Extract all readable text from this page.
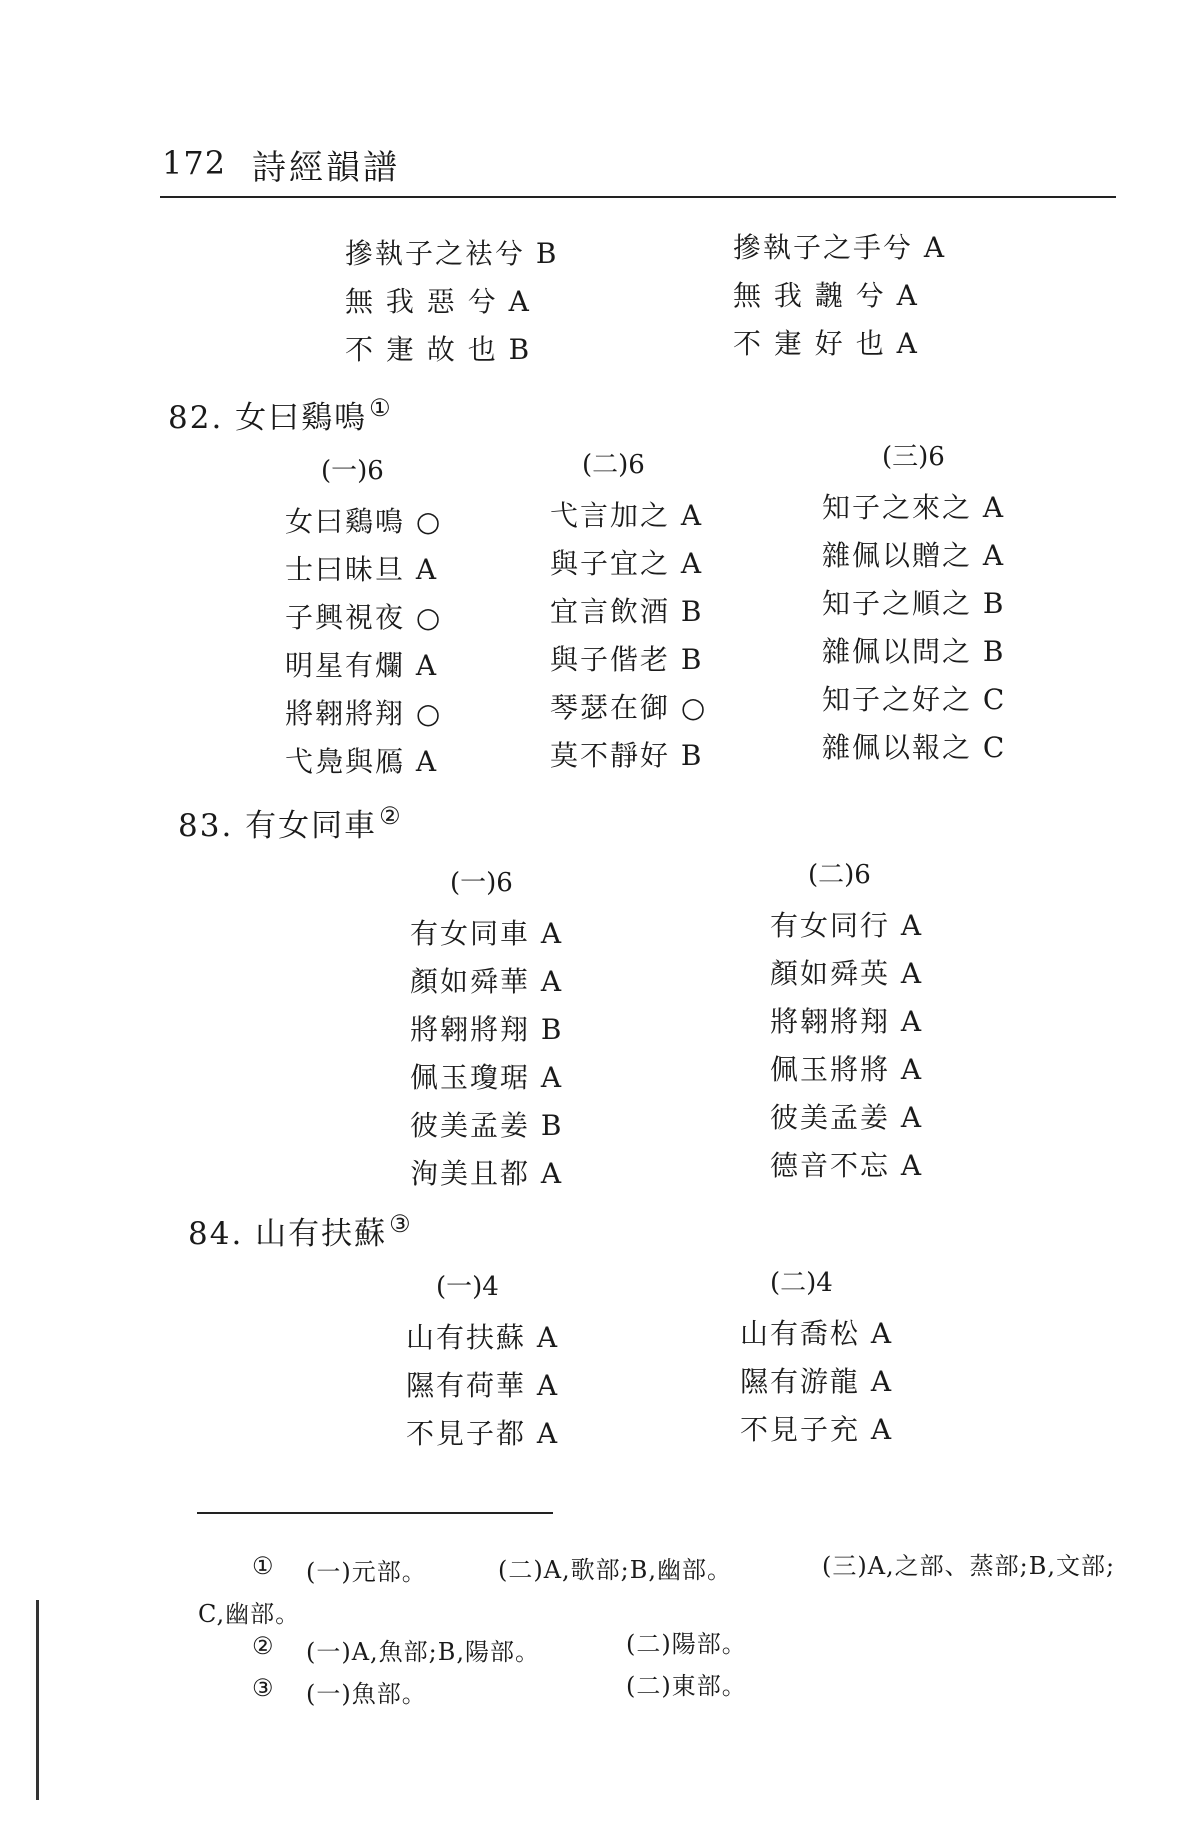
172 詩經韻譜
摻執子之袪兮 B
無 我 惡 兮 A
不 寁 故 也 B
摻執子之手兮 A
無 我 魗 兮 A
不 寁 好 也 A
82. 女曰鷄鳴①
(一)6
女曰鷄鳴 ○
士曰昧旦 A
子興視夜 ○
明星有爛 A
將翱將翔 ○
弋鳧與鴈 A
(二)6
弋言加之 A
與子宜之 A
宜言飲酒 B
與子偕老 B
琴瑟在御 ○
莫不靜好 B
(三)6
知子之來之 A
雜佩以贈之 A
知子之順之 B
雜佩以問之 B
知子之好之 C
雜佩以報之 C
83. 有女同車②
(一)6
有女同車 A
顏如舜華 A
將翱將翔 B
佩玉瓊琚 A
彼美孟姜 B
洵美且都 A
(二)6
有女同行 A
顏如舜英 A
將翱將翔 A
佩玉將將 A
彼美孟姜 A
德音不忘 A
84. 山有扶蘇③
(一)4
山有扶蘇 A
隰有荷華 A
不見子都 A
(二)4
山有喬松 A
隰有游龍 A
不見子充 A
① (一)元部。	(二)A,歌部;B,幽部。	(三)A,之部、蒸部;B,文部;
C,幽部。
② (一)A,魚部;B,陽部。	(二)陽部。
③ (一)魚部。	(二)東部。
